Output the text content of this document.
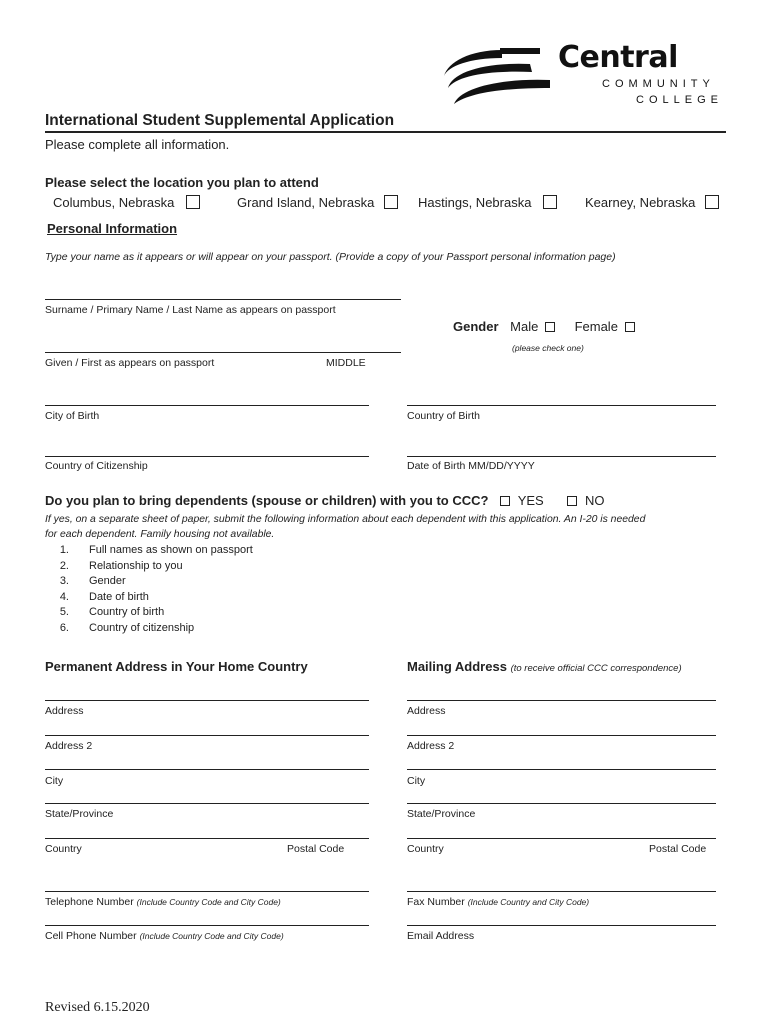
Central
COMMUNITY
COLLEGE
International Student Supplemental Application
Please complete all information.
Please select the location you plan to attend
Columbus, Nebraska	Grand Island, Nebraska	Hastings, Nebraska	Kearney, Nebraska
Personal Information
Type your name as it appears or will appear on your passport. (Provide a copy of your Passport personal information page)
Surname / Primary Name / Last Name as appears on passport
Gender Male	Female
(please check one)
Given / First as appears on passport	MIDDLE
City of Birth	Country of Birth
Country of Citizenship	Date of Birth MM/DD/YYYY
Do you plan to bring dependents (spouse or children) with you to CCC? YES	NO
If yes, on a separate sheet of paper, submit the following information about each dependent with this application. An I-20 is needed
for each dependent. Family housing not available.
1. Full names as shown on passport
2. Relationship to you
3. Gender
4. Date of birth
5. Country of birth
6. Country of citizenship
Permanent Address in Your Home Country	Mailing Address (to receive official CCC correspondence)
Address
Address 2
City
State/Province
Country	Postal Code
Telephone Number (Include Country Code and City Code)
Cell Phone Number (Include Country Code and City Code)
Address
Address 2
City
State/Province
Country	Postal Code
Fax Number (Include Country and City Code)
Email Address
Revised 6.15.2020
